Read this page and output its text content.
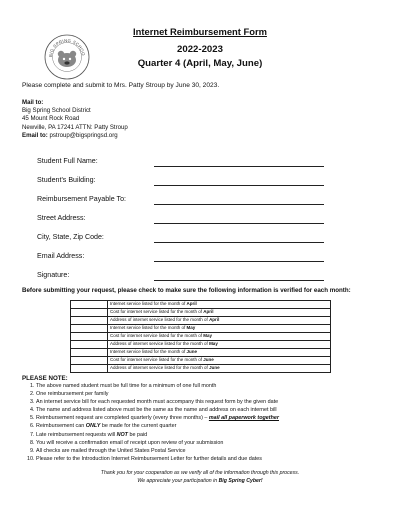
BIG SPRING SCHOO
Internet Reimbursement Form
2022-2023
Quarter 4 (April, May, June)
Please complete and submit to Mrs. Patty Stroup by June 30, 2023.
Mail to:
Big Spring School District
45 Mount Rock Road
Newville, PA 17241 ATTN: Patty Stroup
Email to: pstroup@bigspringsd.org
Student Full Name:
Student's Building:
Reimbursement Payable To:
Street Address:
City, State, Zip Code:
Email Address:
Signature:
Before submitting your request, please check to make sure the following information is verified for each month:
	Internet service listed for the month of April
	Cost for internet service listed for the month of April
	Address of internet service listed for the month of April
	Internet service listed for the month of May
	Cost for internet service listed for the month of May
	Address of internet service listed for the month of May
	Internet service listed for the month of June
	Cost for internet service listed for the month of June
	Address of internet service listed for the month of June
PLEASE NOTE:
1. The above named student must be full time for a minimum of one full month
2. One reimbursement per family
3. An internet service bill for each requested month must accompany this request form by the given date
4. The name and address listed above must be the same as the name and address on each internet bill
5. Reimbursement request are completed quarterly (every three months) – mail all paperwork together
6. Reimbursement can ONLY be made for the current quarter
7. Late reimbursement requests will NOT be paid
8. You will receive a confirmation email of receipt upon review of your submission
9. All checks are mailed through the United States Postal Service
10. Please refer to the Introduction Internet Reimbursement Letter for further details and due dates
Thank you for your cooperation as we verify all of the information through this process.
We appreciate your participation in Big Spring Cyber!
